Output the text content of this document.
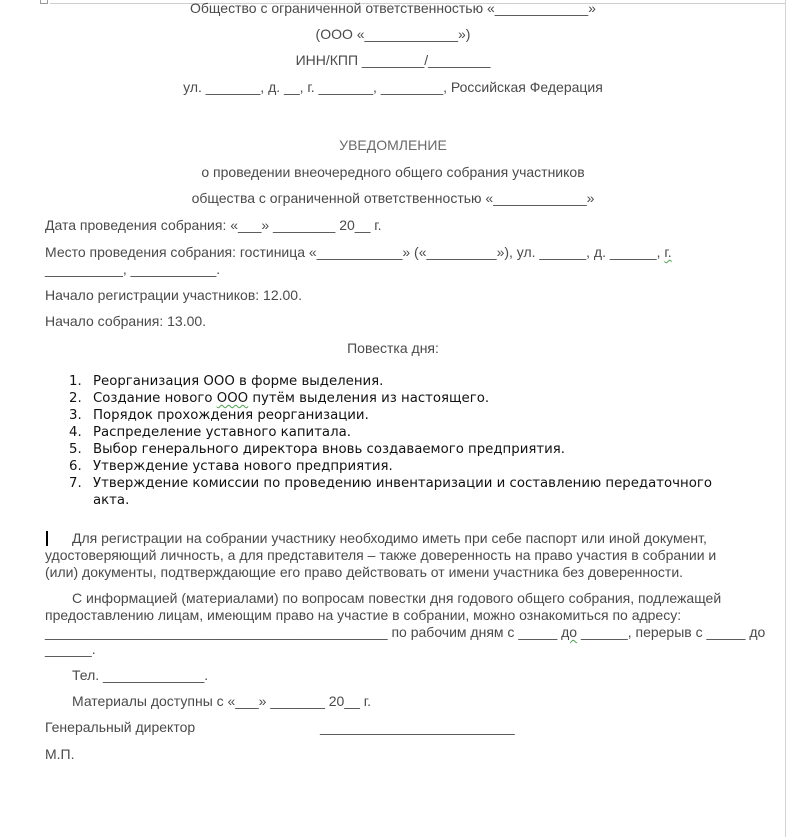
Общество с ограниченной ответственностью «____________»
(ООО «____________»)
ИНН/КПП ________/________
ул. _______, д. __, г. _______, ________, Российская Федерация
УВЕДОМЛЕНИЕ
о проведении внеочередного общего собрания участников
общества с ограниченной ответственностью «____________»
Дата проведения собрания: «___» ________ 20__ г.
Место проведения собрания: гостиница «___________» («_________»), ул. ______, д. ______, г.
__________, ___________.
Начало регистрации участников: 12.00.
Начало собрания: 13.00.
Повестка дня:
1. Реорганизация ООО в форме выделения.
2. Создание нового ООО путём выделения из настоящего.
3. Порядок прохождения реорганизации.
4. Распределение уставного капитала.
5. Выбор генерального директора вновь создаваемого предприятия.
6. Утверждение устава нового предприятия.
7. Утверждение комиссии по проведению инвентаризации и составлению передаточного
акта.
Для регистрации на собрании участнику необходимо иметь при себе паспорт или иной документ,
удостоверяющий личность, а для представителя – также доверенность на право участия в собрании и
(или) документы, подтверждающие его право действовать от имени участника без доверенности.
С информацией (материалами) по вопросам повестки дня годового общего собрания, подлежащей
предоставлению лицам, имеющим право на участие в собрании, можно ознакомиться по адресу:
____________________________________________ по рабочим дням с _____ до ______, перерыв с _____ до
______.
Тел. _____________.
Материалы доступны с «___» _______ 20__ г.
Генеральный директор	_________________________
М.П.
